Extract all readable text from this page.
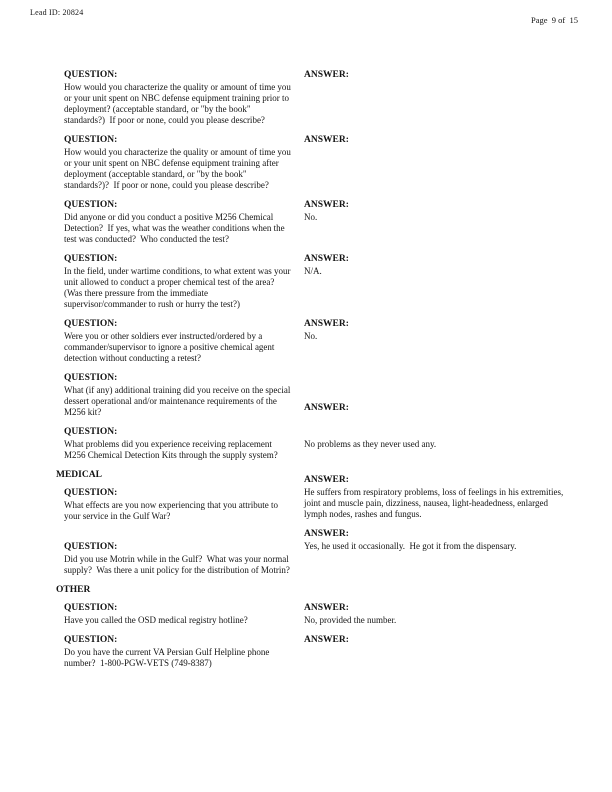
Lead ID: 20824
Page  9 of  15
QUESTION:
How would you characterize the quality or amount of time you or your unit spent on NBC defense equipment training prior to deployment? (acceptable standard, or "by the book" standards?)  If poor or none, could you please describe?
ANSWER:
QUESTION:
How would you characterize the quality or amount of time you or your unit spent on NBC defense equipment training after deployment (acceptable standard, or "by the book" standards?)?  If poor or none, could you please describe?
ANSWER:
QUESTION:
Did anyone or did you conduct a positive M256 Chemical Detection?  If yes, what was the weather conditions when the test was conducted?  Who conducted the test?
ANSWER:
No.
QUESTION:
In the field, under wartime conditions, to what extent was your unit allowed to conduct a proper chemical test of the area?  (Was there pressure from the immediate supervisor/commander to rush or hurry the test?)
ANSWER:
N/A.
QUESTION:
Were you or other soldiers ever instructed/ordered by a commander/supervisor to ignore a positive chemical agent detection without conducting a retest?
ANSWER:
No.
QUESTION:
What (if any) additional training did you receive on the special dessert operational and/or maintenance requirements of the M256 kit?	ANSWER:
QUESTION:
What problems did you experience receiving replacement M256 Chemical Detection Kits through the supply system?
No problems as they never used any.
MEDICAL
QUESTION:
What effects are you now experiencing that you attribute to your service in the Gulf War?
ANSWER:
He suffers from respiratory problems, loss of feelings in his extremities, joint and muscle pain, dizziness, nausea, light-headedness, enlarged lymph nodes, rashes and fungus.
QUESTION:
Did you use Motrin while in the Gulf?  What was your normal supply?  Was there a unit policy for the distribution of Motrin?
ANSWER:
Yes, he used it occasionally.  He got it from the dispensary.
OTHER
QUESTION:
Have you called the OSD medical registry hotline?
ANSWER:
No, provided the number.
QUESTION:
Do you have the current VA Persian Gulf Helpline phone number?  1-800-PGW-VETS (749-8387)
ANSWER:
